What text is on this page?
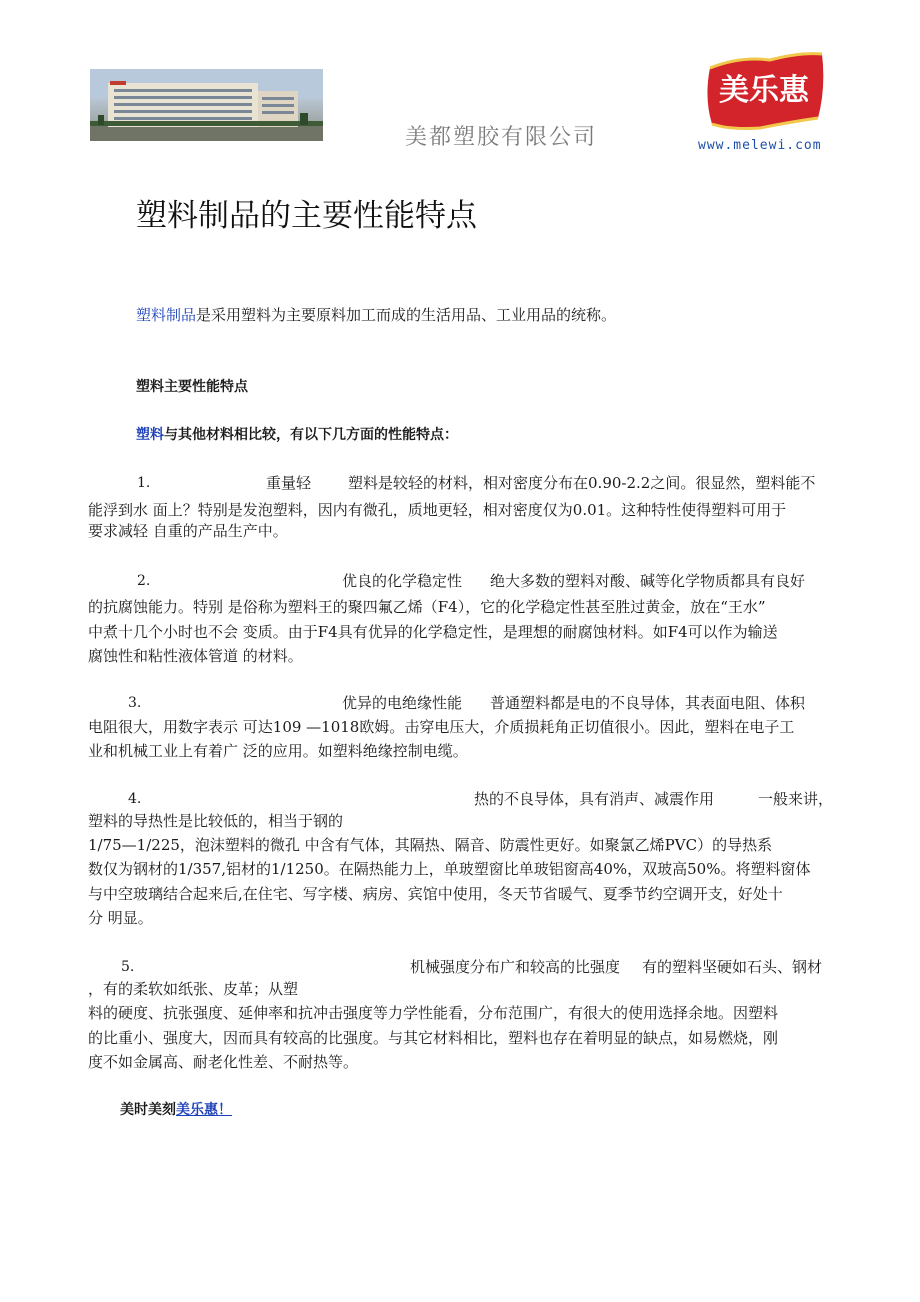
美都塑胶有限公司
美乐惠
www.melewi.com
塑料制品的主要性能特点
塑料制品是采用塑料为主要原料加工而成的生活用品、工业用品的统称。
塑料主要性能特点
塑料与其他材料相比较，有以下几方面的性能特点：
1.	重量轻 塑料是较轻的材料，相对密度分布在0.90-2.2之间。很显然，塑料能不
能浮到水 面上？特别是发泡塑料，因内有微孔，质地更轻，相对密度仅为0.01。这种特性使得塑料可用于
要求减轻 自重的产品生产中。
2.	优良的化学稳定性 绝大多数的塑料对酸、碱等化学物质都具有良好
的抗腐蚀能力。特别 是俗称为塑料王的聚四氟乙烯（F4），它的化学稳定性甚至胜过黄金，放在“王水”
中煮十几个小时也不会 变质。由于F4具有优异的化学稳定性，是理想的耐腐蚀材料。如F4可以作为输送
腐蚀性和粘性液体管道 的材料。
3.	优异的电绝缘性能 普通塑料都是电的不良导体，其表面电阻、体积
电阻很大，用数字表示 可达109 —1018欧姆。击穿电压大，介质损耗角正切值很小。因此，塑料在电子工
业和机械工业上有着广 泛的应用。如塑料绝缘控制电缆。
4.	热的不良导体，具有消声、减震作用	一般来讲，
塑料的导热性是比较低的，相当于钢的
1/75—1/225，泡沫塑料的微孔 中含有气体，其隔热、隔音、防震性更好。如聚氯乙烯PVC）的导热系
数仅为钢材的1/357,铝材的1/1250。在隔热能力上，单玻塑窗比单玻铝窗高40%，双玻高50%。将塑料窗体
与中空玻璃结合起来后,在住宅、写字楼、病房、宾馆中使用，冬天节省暖气、夏季节约空调开支，好处十
分 明显。
5.	机械强度分布广和较高的比强度 有的塑料坚硬如石头、钢材
，有的柔软如纸张、皮革；从塑
料的硬度、抗张强度、延伸率和抗冲击强度等力学性能看，分布范围广，有很大的使用选择余地。因塑料
的比重小、强度大，因而具有较高的比强度。与其它材料相比，塑料也存在着明显的缺点，如易燃烧，刚
度不如金属高、耐老化性差、不耐热等。
美时美刻美乐惠！
